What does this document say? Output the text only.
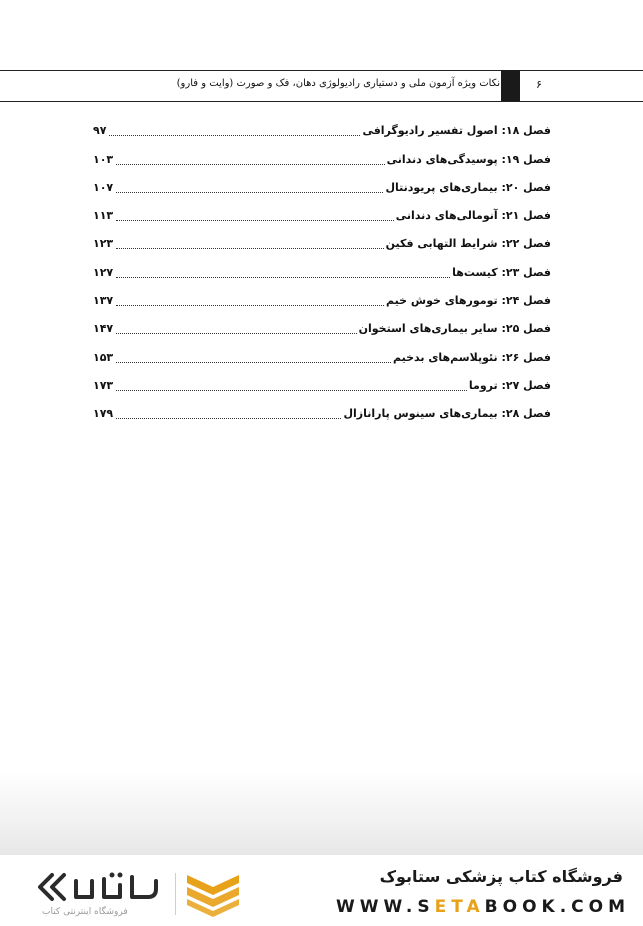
نکات ویژه آزمون ملی و دستیاری رادیولوژی دهان، فک و صورت (وایت و فارو)	۶
فصل ۱۸: اصول تفسیر رادیوگرافی
۹۷
فصل ۱۹: پوسیدگی‌های دندانی
۱۰۳
فصل ۲۰: بیماری‌های پریودنتال
۱۰۷
فصل ۲۱: آنومالی‌های دندانی
۱۱۳
فصل ۲۲: شرایط التهابی فکین
۱۲۳
فصل ۲۳: کیست‌ها
۱۲۷
فصل ۲۴: تومورهای خوش خیم
۱۳۷
فصل ۲۵: سایر بیماری‌های استخوان
۱۴۷
فصل ۲۶: نئوپلاسم‌های بدخیم
۱۵۳
فصل ۲۷: تروما
۱۷۳
فصل ۲۸: بیماری‌های سینوس پارانازال
۱۷۹
فروشگاه اینترنتی کتاب
فروشگاه کتاب پزشکی ستابوک
WWW.SETABOOK.COM
